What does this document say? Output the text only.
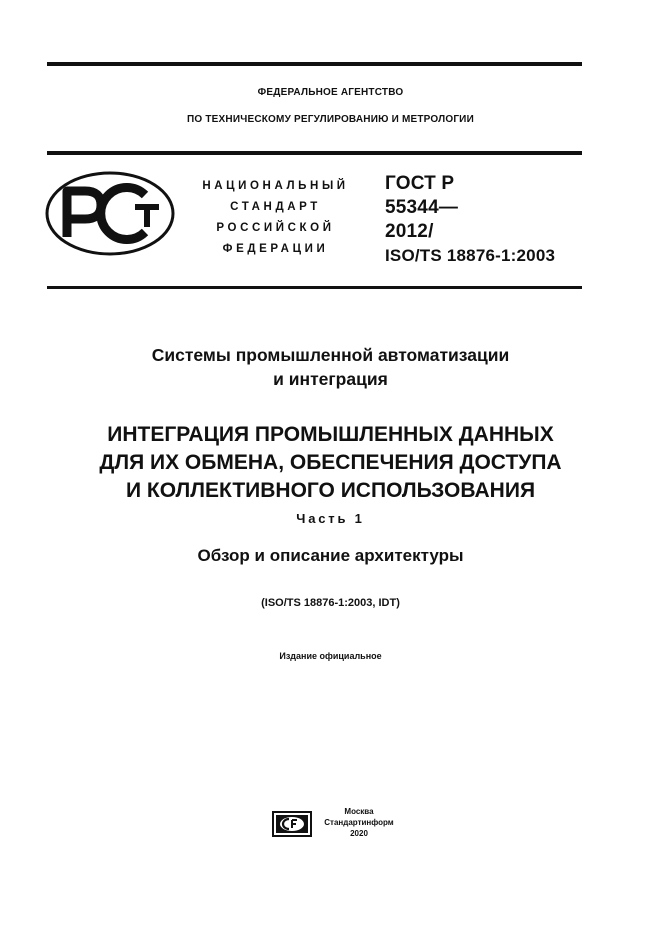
ФЕДЕРАЛЬНОЕ АГЕНТСТВО
ПО ТЕХНИЧЕСКОМУ РЕГУЛИРОВАНИЮ И МЕТРОЛОГИИ
НАЦИОНАЛЬНЫЙ
СТАНДАРТ
РОССИЙСКОЙ
ФЕДЕРАЦИИ
ГОСТ Р
55344—
2012/
ISO/TS 18876-1:2003
Системы промышленной автоматизации
и интеграция
ИНТЕГРАЦИЯ ПРОМЫШЛЕННЫХ ДАННЫХ
ДЛЯ ИХ ОБМЕНА, ОБЕСПЕЧЕНИЯ ДОСТУПА
И КОЛЛЕКТИВНОГО ИСПОЛЬЗОВАНИЯ
Часть 1
Обзор и описание архитектуры
(ISO/TS 18876-1:2003, IDT)
Издание официальное
Москва
Стандартинформ
2020
